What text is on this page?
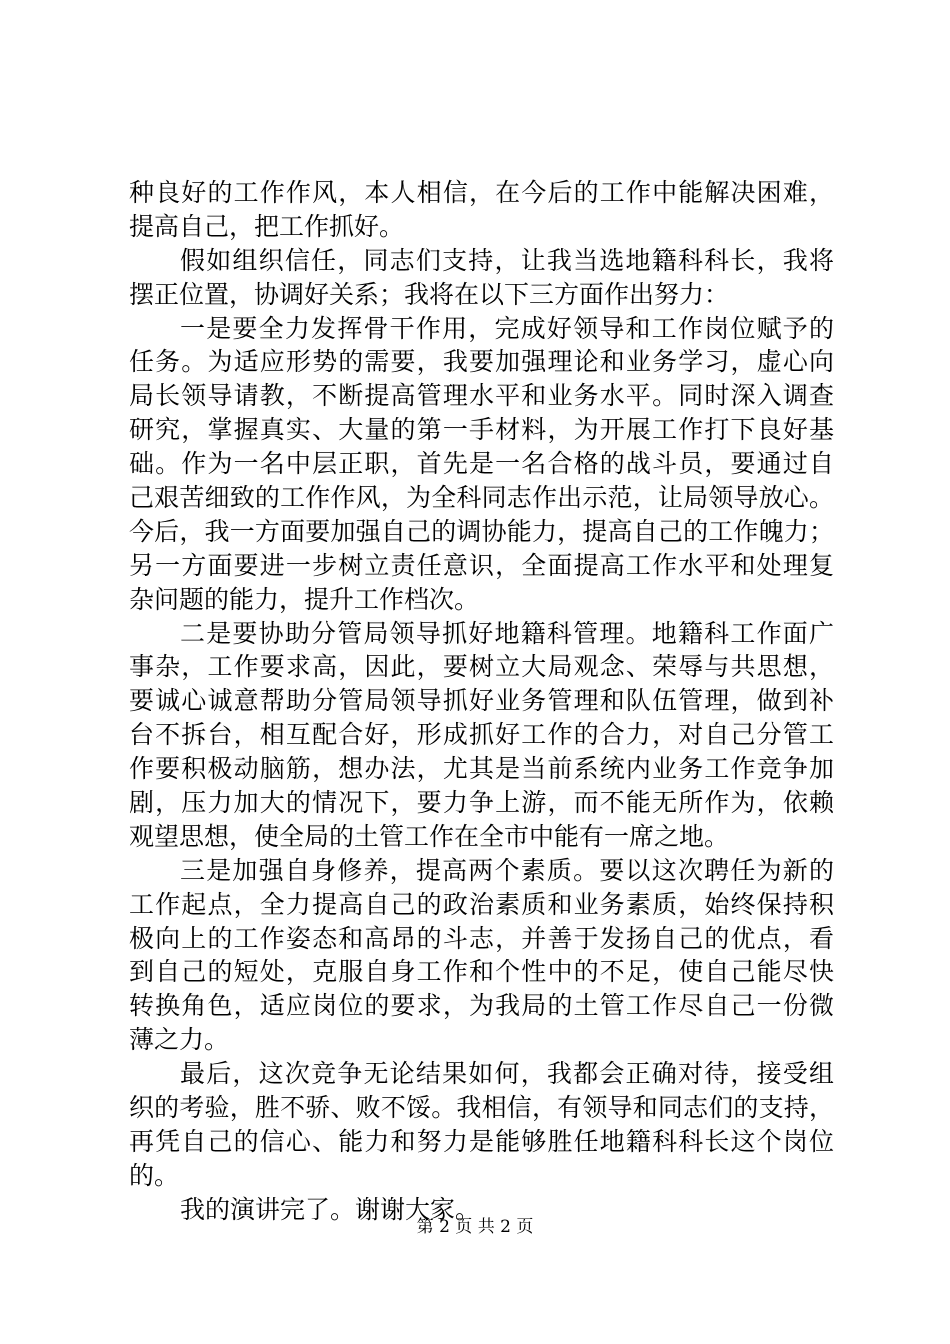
种良好的工作作风，本人相信，在今后的工作中能解决困难，
提高自己，把工作抓好。
假如组织信任，同志们支持，让我当选地籍科科长，我将
摆正位置，协调好关系；我将在以下三方面作出努力：
一是要全力发挥骨干作用，完成好领导和工作岗位赋予的
任务。为适应形势的需要，我要加强理论和业务学习，虚心向
局长领导请教，不断提高管理水平和业务水平。同时深入调查
研究，掌握真实、大量的第一手材料，为开展工作打下良好基
础。作为一名中层正职，首先是一名合格的战斗员，要通过自
己艰苦细致的工作作风，为全科同志作出示范，让局领导放心。
今后，我一方面要加强自己的调协能力，提高自己的工作魄力；
另一方面要进一步树立责任意识，全面提高工作水平和处理复
杂问题的能力，提升工作档次。
二是要协助分管局领导抓好地籍科管理。地籍科工作面广
事杂，工作要求高，因此，要树立大局观念、荣辱与共思想，
要诚心诚意帮助分管局领导抓好业务管理和队伍管理，做到补
台不拆台，相互配合好，形成抓好工作的合力，对自己分管工
作要积极动脑筋，想办法，尤其是当前系统内业务工作竞争加
剧，压力加大的情况下，要力争上游，而不能无所作为，依赖
观望思想，使全局的土管工作在全市中能有一席之地。
三是加强自身修养，提高两个素质。要以这次聘任为新的
工作起点，全力提高自己的政治素质和业务素质，始终保持积
极向上的工作姿态和高昂的斗志，并善于发扬自己的优点，看
到自己的短处，克服自身工作和个性中的不足，使自己能尽快
转换角色，适应岗位的要求，为我局的土管工作尽自己一份微
薄之力。
最后，这次竞争无论结果如何，我都会正确对待，接受组
织的考验，胜不骄、败不馁。我相信，有领导和同志们的支持，
再凭自己的信心、能力和努力是能够胜任地籍科科长这个岗位
的。
我的演讲完了。谢谢大家。
第 2 页 共 2 页
